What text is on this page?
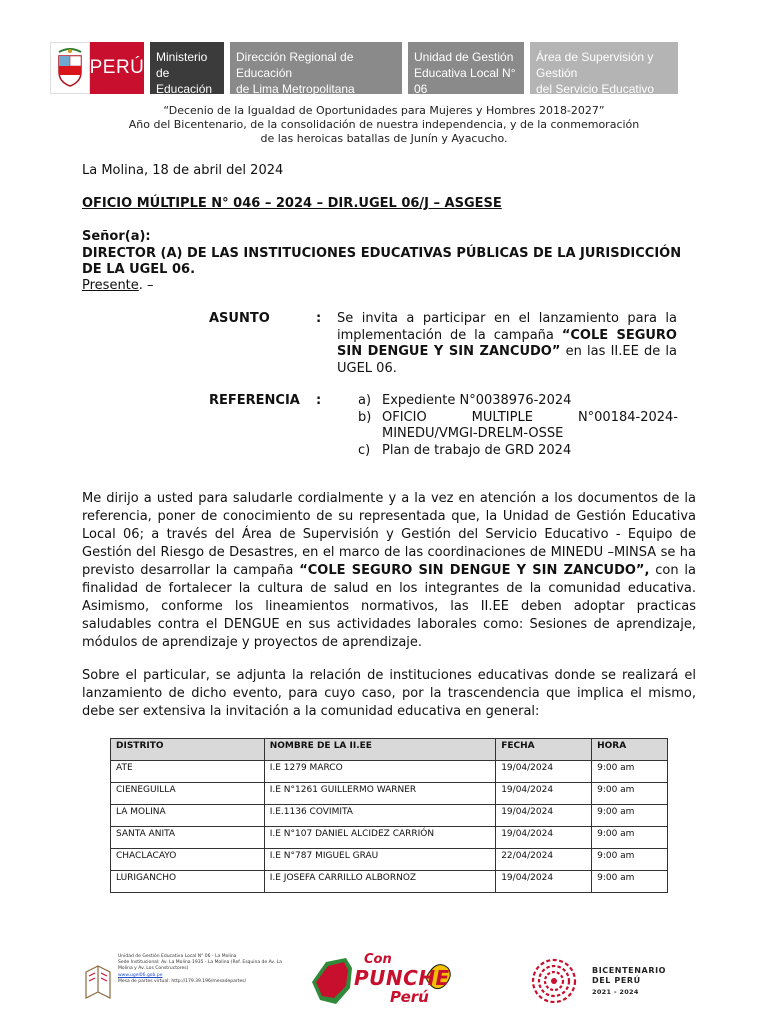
PERÚ Ministerio
de Educación
Dirección Regional de Educación
de Lima Metropolitana
Unidad de Gestión
Educativa Local N° 06
Área de Supervisión y Gestión
del Servicio Educativo
“Decenio de la Igualdad de Oportunidades para Mujeres y Hombres 2018-2027”
Año del Bicentenario, de la consolidación de nuestra independencia, y de la conmemoración
de las heroicas batallas de Junín y Ayacucho.
La Molina, 18 de abril del 2024
OFICIO MÚLTIPLE N° 046 – 2024 – DIR.UGEL 06/J – ASGESE
Señor(a):
DIRECTOR (A) DE LAS INSTITUCIONES EDUCATIVAS PÚBLICAS DE LA JURISDICCIÓN DE LA UGEL 06.
Presente. –
ASUNTO	: Se invita a participar en el lanzamiento para la implementación de la campaña “COLE SEGURO SIN DENGUE Y SIN ZANCUDO” en las II.EE de la UGEL 06.
REFERENCIA :	a) Expediente N°0038976-2024
b) OFICIO MULTIPLE N°00184-2024-MINEDU/VMGI-DRELM-OSSE
c) Plan de trabajo de GRD 2024

Me dirijo a usted para saludarle cordialmente y a la vez en atención a los documentos de la referencia, poner de conocimiento de su representada que, la Unidad de Gestión Educativa Local 06; a través del Área de Supervisión y Gestión del Servicio Educativo - Equipo de Gestión del Riesgo de Desastres, en el marco de las coordinaciones de MINEDU –MINSA se ha previsto desarrollar la campaña “COLE SEGURO SIN DENGUE Y SIN ZANCUDO”, con la finalidad de fortalecer la cultura de salud en los integrantes de la comunidad educativa. Asimismo, conforme los lineamientos normativos, las II.EE deben adoptar practicas saludables contra el DENGUE en sus actividades laborales como: Sesiones de aprendizaje, módulos de aprendizaje y proyectos de aprendizaje.

Sobre el particular, se adjunta la relación de instituciones educativas donde se realizará el lanzamiento de dicho evento, para cuyo caso, por la trascendencia que implica el mismo, debe ser extensiva la invitación a la comunidad educativa en general:

DISTRITO	NOMBRE DE LA II.EE	FECHA	HORA
ATE	I.E 1279 MARCO	19/04/2024	9:00 am
CIENEGUILLA	I.E N°1261 GUILLERMO WARNER	19/04/2024	9:00 am
LA MOLINA	I.E.1136 COVIMITA	19/04/2024	9:00 am
SANTA ANITA	I.E N°107 DANIEL ALCIDEZ CARRIÓN	19/04/2024	9:00 am
CHACLACAYO	I.E N°787 MIGUEL GRAU	22/04/2024	9:00 am
LURIGANCHO	I.E JOSEFA CARRILLO ALBORNOZ	19/04/2024	9:00 am
Unidad de Gestión Educativa Local N° 06 - La Molina
Sede Institucional: Av. La Molina 1935 - La Molina (Ref. Esquina de Av. La Molina y Av. Los Constructores)
www.ugel06.gob.pe
Mesa de partes virtual: http://179.39.196/mesadepartes/
Con
PUNCHE
Perú
BICENTENARIO
DEL PERÚ
2021 - 2024
